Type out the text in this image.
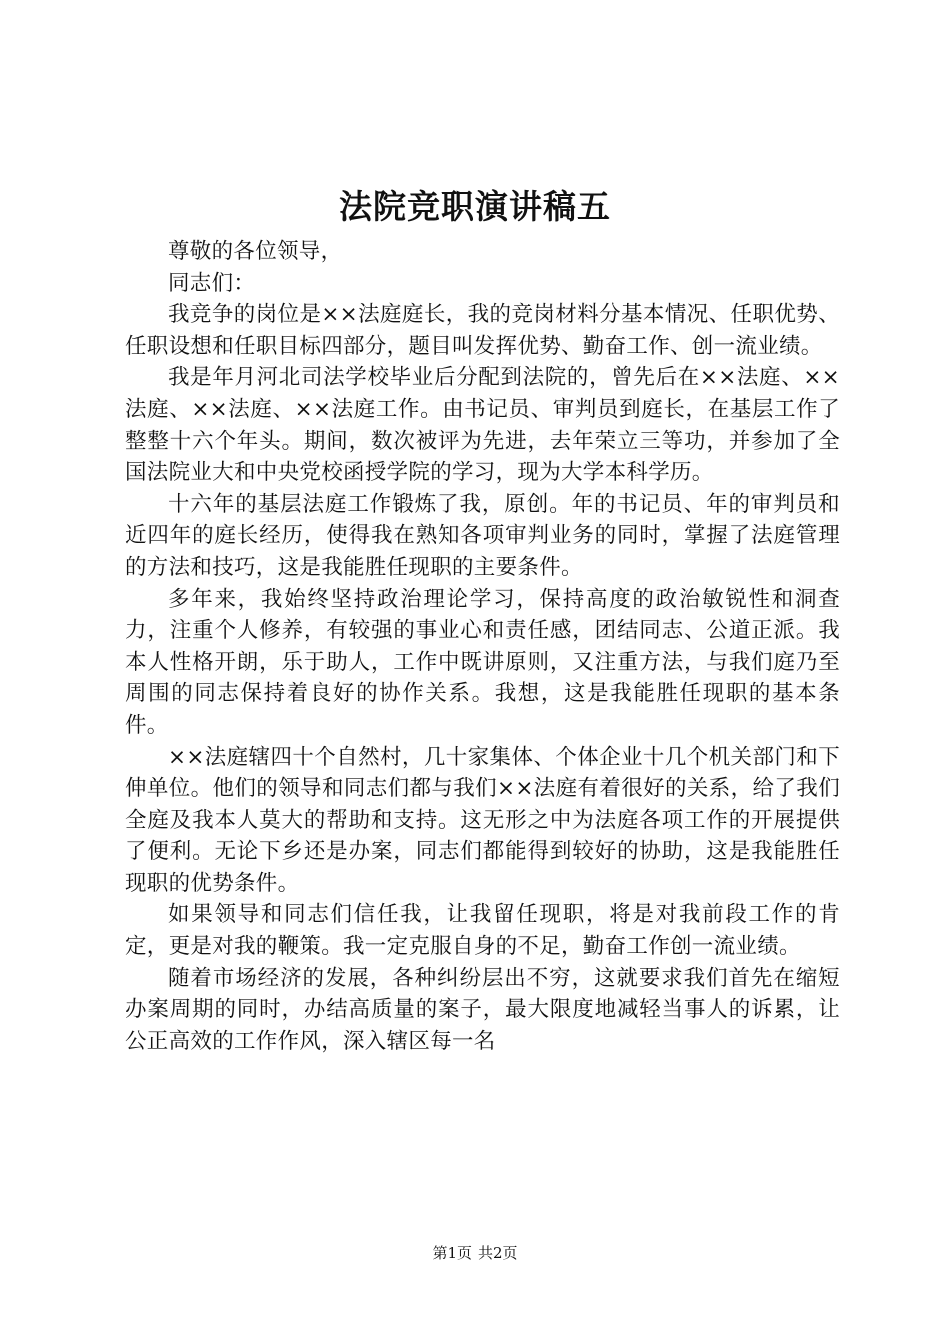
法院竞职演讲稿五

尊敬的各位领导，

同志们：

我竞争的岗位是××法庭庭长，我的竞岗材料分基本情况、任职优势、任职设想和任职目标四部分，题目叫发挥优势、勤奋工作、创一流业绩。

我是年月河北司法学校毕业后分配到法院的，曾先后在××法庭、××法庭、××法庭、××法庭工作。由书记员、审判员到庭长，在基层工作了整整十六个年头。期间，数次被评为先进，去年荣立三等功，并参加了全国法院业大和中央党校函授学院的学习，现为大学本科学历。

十六年的基层法庭工作锻炼了我，原创。年的书记员、年的审判员和近四年的庭长经历，使得我在熟知各项审判业务的同时，掌握了法庭管理的方法和技巧，这是我能胜任现职的主要条件。

多年来，我始终坚持政治理论学习，保持高度的政治敏锐性和洞查力，注重个人修养，有较强的事业心和责任感，团结同志、公道正派。我本人性格开朗，乐于助人，工作中既讲原则，又注重方法，与我们庭乃至周围的同志保持着良好的协作关系。我想，这是我能胜任现职的基本条件。

××法庭辖四十个自然村，几十家集体、个体企业十几个机关部门和下伸单位。他们的领导和同志们都与我们××法庭有着很好的关系，给了我们全庭及我本人莫大的帮助和支持。这无形之中为法庭各项工作的开展提供了便利。无论下乡还是办案，同志们都能得到较好的协助，这是我能胜任现职的优势条件。

如果领导和同志们信任我，让我留任现职，将是对我前段工作的肯定，更是对我的鞭策。我一定克服自身的不足，勤奋工作创一流业绩。

随着市场经济的发展，各种纠纷层出不穷，这就要求我们首先在缩短办案周期的同时，办结高质量的案子，最大限度地减轻当事人的诉累，让公正高效的工作作风，深入辖区每一名

第1页 共2页
